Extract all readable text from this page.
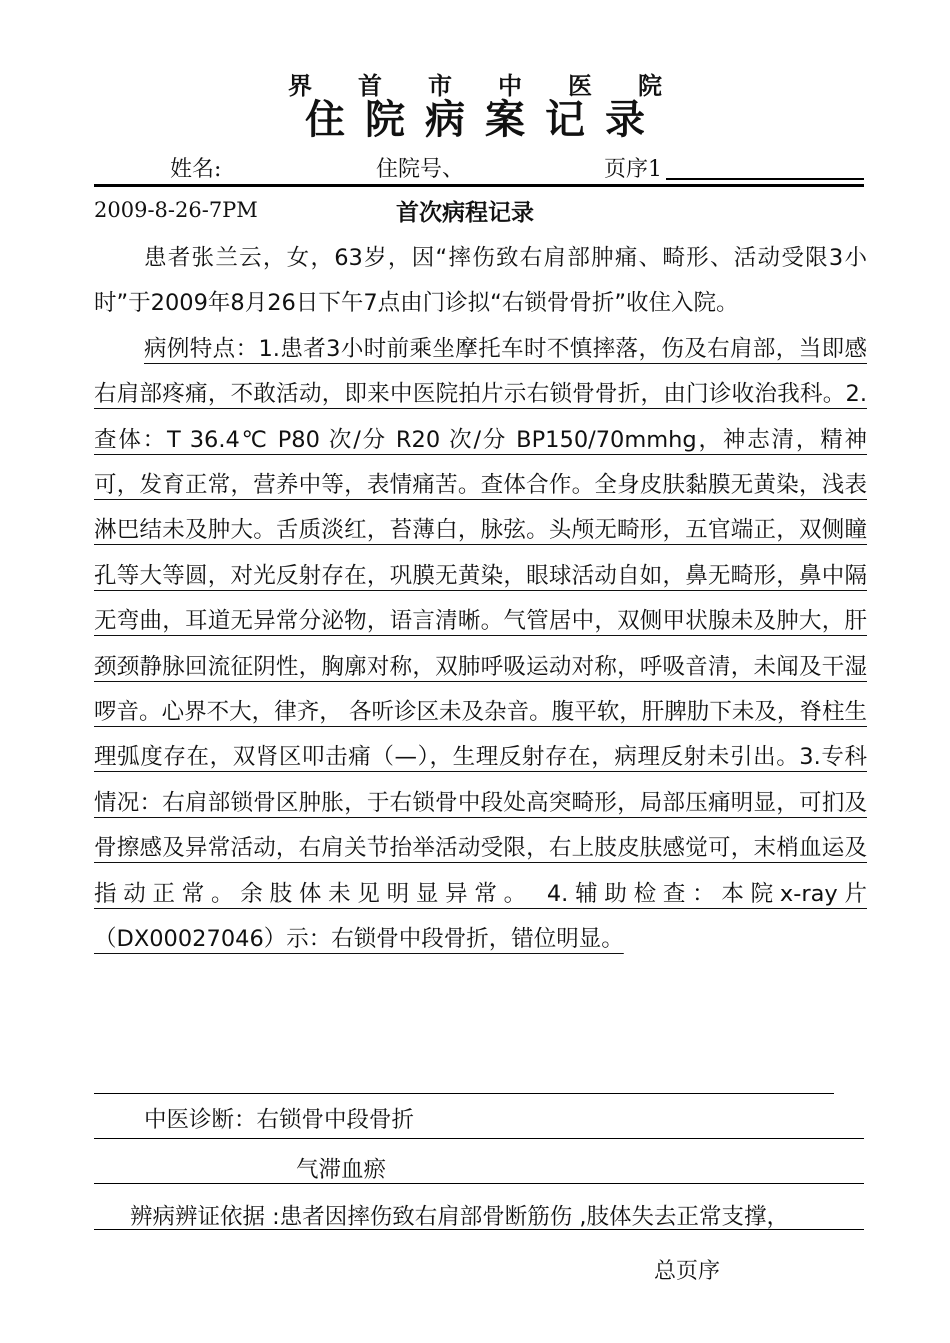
界首市中医院
住院病案记录
姓名:	住院号、	页序1
2009-8-26-7PM	首次病程记录

患者张兰云，女，63岁，因“摔伤致右肩部肿痛、畸形、活动受限3小时”于2009年8月26日下午7点由门诊拟“右锁骨骨折”收住入院。

病例特点：1.患者3小时前乘坐摩托车时不慎摔落，伤及右肩部，当即感右肩部疼痛，不敢活动，即来中医院拍片示右锁骨骨折，由门诊收治我科。2.查体：T 36.4℃ P80 次/分 R20 次/分 BP150/70mmhg，神志清，精神可，发育正常，营养中等，表情痛苦。查体合作。全身皮肤黏膜无黄染，浅表淋巴结未及肿大。舌质淡红，苔薄白，脉弦。头颅无畸形，五官端正，双侧瞳孔等大等圆，对光反射存在，巩膜无黄染，眼球活动自如，鼻无畸形，鼻中隔无弯曲，耳道无异常分泌物，语言清晰。气管居中，双侧甲状腺未及肿大，肝颈颈静脉回流征阴性，胸廓对称，双肺呼吸运动对称，呼吸音清，未闻及干湿啰音。心界不大，律齐， 各听诊区未及杂音。腹平软，肝脾肋下未及，脊柱生理弧度存在，双肾区叩击痛（—），生理反射存在，病理反射未引出。3.专科情况：右肩部锁骨区肿胀，于右锁骨中段处高突畸形，局部压痛明显，可扪及骨擦感及异常活动，右肩关节抬举活动受限，右上肢皮肤感觉可，末梢血运及指动正常。余肢体未见明显异常。 4.辅助检查：本院x-ray片（DX00027046）示：右锁骨中段骨折，错位明显。

中医诊断：右锁骨中段骨折
气滞血瘀
辨病辨证依据 :患者因摔伤致右肩部骨断筋伤 ,肢体失去正常支撑，
总页序
